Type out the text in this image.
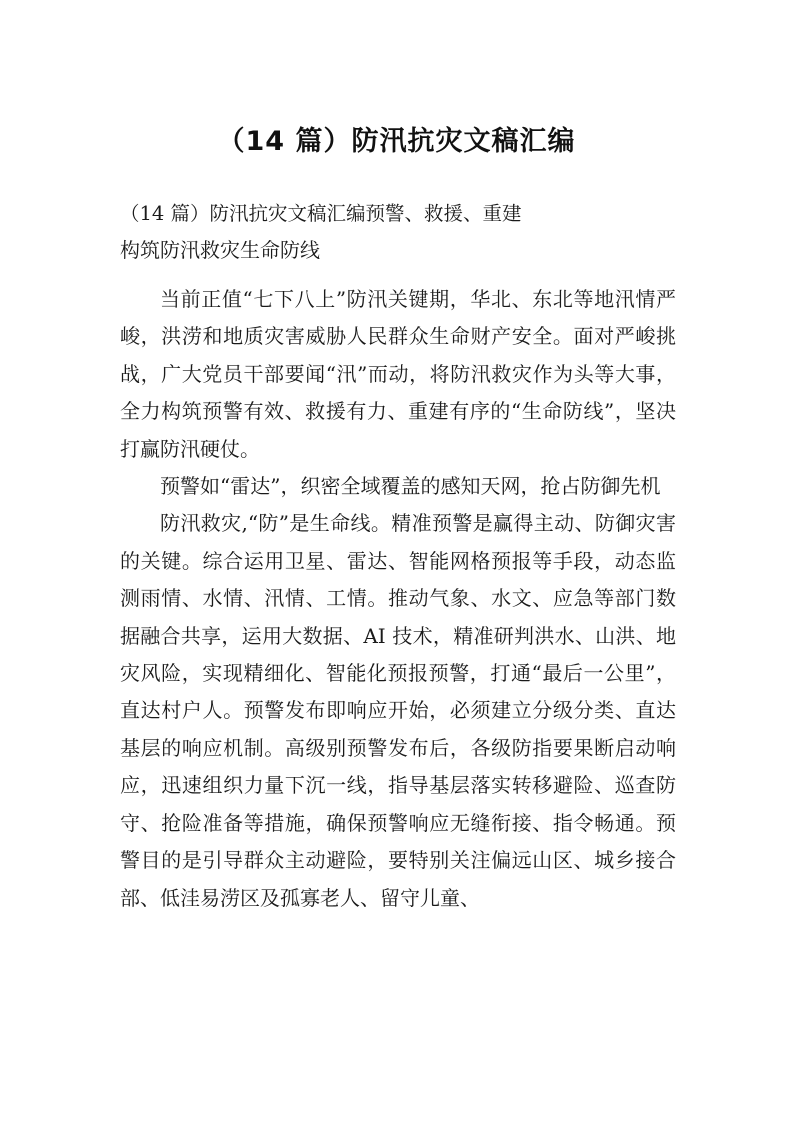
（14 篇）防汛抗灾文稿汇编
（14 篇）防汛抗灾文稿汇编预警、救援、重建
构筑防汛救灾生命防线

当前正值“七下八上”防汛关键期，华北、东北等地汛情严峻，洪涝和地质灾害威胁人民群众生命财产安全。面对严峻挑战，广大党员干部要闻“汛”而动，将防汛救灾作为头等大事，全力构筑预警有效、救援有力、重建有序的“生命防线”，坚决打赢防汛硬仗。

预警如“雷达”，织密全域覆盖的感知天网，抢占防御先机

防汛救灾,“防”是生命线。精准预警是赢得主动、防御灾害的关键。综合运用卫星、雷达、智能网格预报等手段，动态监测雨情、水情、汛情、工情。推动气象、水文、应急等部门数据融合共享，运用大数据、AI 技术，精准研判洪水、山洪、地灾风险，实现精细化、智能化预报预警，打通“最后一公里”，直达村户人。预警发布即响应开始，必须建立分级分类、直达基层的响应机制。高级别预警发布后，各级防指要果断启动响应，迅速组织力量下沉一线，指导基层落实转移避险、巡查防守、抢险准备等措施，确保预警响应无缝衔接、指令畅通。预警目的是引导群众主动避险，要特别关注偏远山区、城乡接合部、低洼易涝区及孤寡老人、留守儿童、
